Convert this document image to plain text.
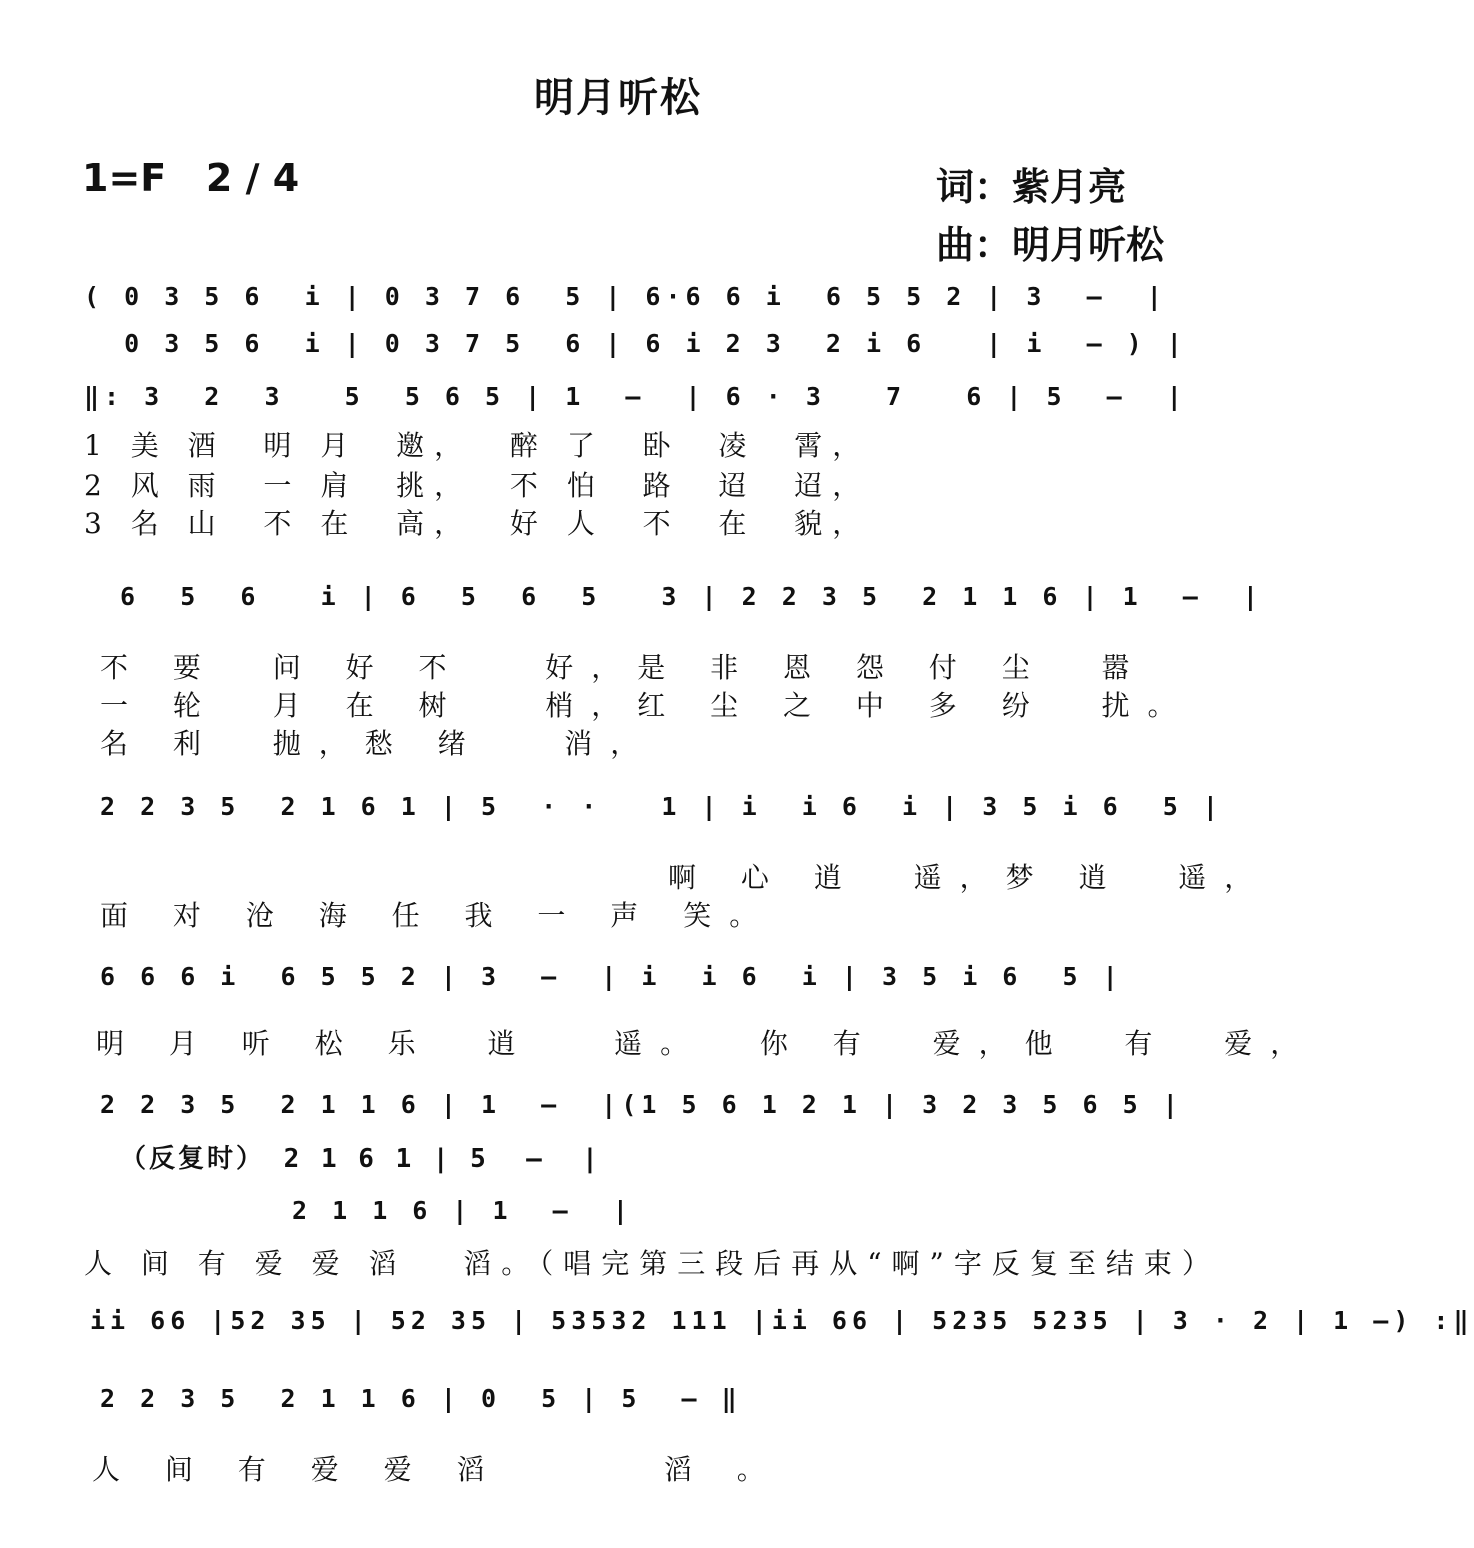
明月听松
1=F   2 ∕ 4	词：紫月亮
曲：明月听松
( 0 3 5 6  i | 0 3 7 6  5 | 6·6 6 i  6 5 5 2 | 3  –  |
0 3 5 6  i | 0 3 7 5  6 | 6 i 2 3  2 i 6   | i  – ) |
‖: 3  2  3   5  5 6 5 | 1  –  | 6 · 3   7   6 | 5  –  |
1 美 酒  明 月  邀，  醉 了  卧  凌  霄，
2 风 雨  一 肩  挑，  不 怕  路  迢  迢，
3 名 山  不 在  高，  好 人  不  在  貌，
6  5  6   i | 6  5  6  5   3 | 2 2 3 5  2 1 1 6 | 1  –  |
不 要  问 好 不   好，是 非 恩 怨 付 尘  嚣
一 轮  月 在 树   梢，红 尘 之 中 多 纷  扰。
名 利  抛，愁 绪   消，
2 2 3 5  2 1 6 1 | 5  · ·   1 | i  i 6  i | 3 5 i 6  5 |
啊 心 逍  遥，梦 逍  遥，
面 对 沧 海 任 我 一 声 笑。
6 6 6 i  6 5 5 2 | 3  –  | i  i 6  i | 3 5 i 6  5 |
明 月 听 松 乐  逍   遥。  你 有  爱，他  有  爱，
2 2 3 5  2 1 1 6 | 1  –  |(1 5 6 1 2 1 | 3 2 3 5 6 5 |
（反复时） 2 1 6 1 | 5  –  |
2 1 1 6 | 1  –  |
人 间 有 爱 爱 滔   滔。（唱完第三段后再从“啊”字反复至结束）
ii 66 |52 35 | 52 35 | 53532 111 |ii 66 | 5235 5235 | 3 · 2 | 1 –) :‖
2 2 3 5  2 1 1 6 | 0  5 | 5  – ‖
人 间 有 爱 爱 滔      滔 。
